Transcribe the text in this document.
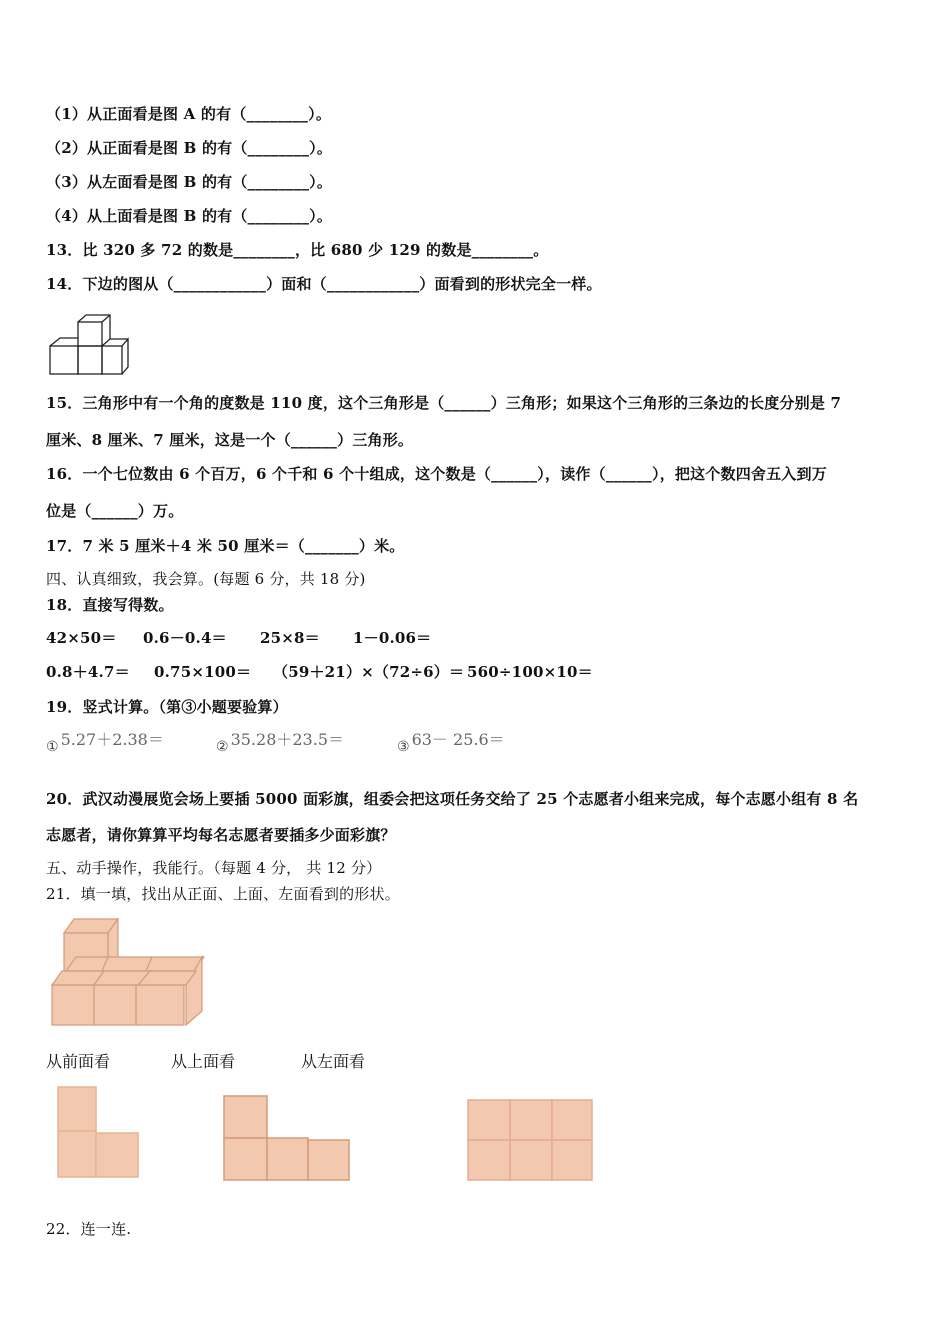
（1）从正面看是图 A 的有（________）。
（2）从正面看是图 B 的有（________）。
（3）从左面看是图 B 的有（________）。
（4）从上面看是图 B 的有（________）。
13．比 320 多 72 的数是________，比 680 少 129 的数是________。
14．下边的图从（____________）面和（____________）面看到的形状完全一样。
15．三角形中有一个角的度数是 110 度，这个三角形是（______）三角形；如果这个三角形的三条边的长度分别是 7
厘米、8 厘米、7 厘米，这是一个（______）三角形。
16．一个七位数由 6 个百万，6 个千和 6 个十组成，这个数是（______），读作（______），把这个数四舍五入到万
位是（______）万。
17．7 米 5 厘米＋4 米 50 厘米＝（_______）米。
四、认真细致，我会算。(每题 6 分，共 18 分)
18．直接写得数。
42×50＝ 0.6－0.4＝ 25×8＝ 1－0.06＝
0.8＋4.7＝ 0.75×100＝ （59＋21）×（72÷6）＝ 560÷100×10＝
19．竖式计算。（第③小题要验算）
① 5.27＋2.38＝	② 35.28＋23.5＝	③ 63－ 25.6＝
20．武汉动漫展览会场上要插 5000 面彩旗，组委会把这项任务交给了 25 个志愿者小组来完成，每个志愿小组有 8 名
志愿者，请你算算平均每名志愿者要插多少面彩旗？
五、动手操作，我能行。（每题 4 分， 共 12 分）
21．填一填，找出从正面、上面、左面看到的形状。
从前面看	从上面看	从左面看
22．连一连.
